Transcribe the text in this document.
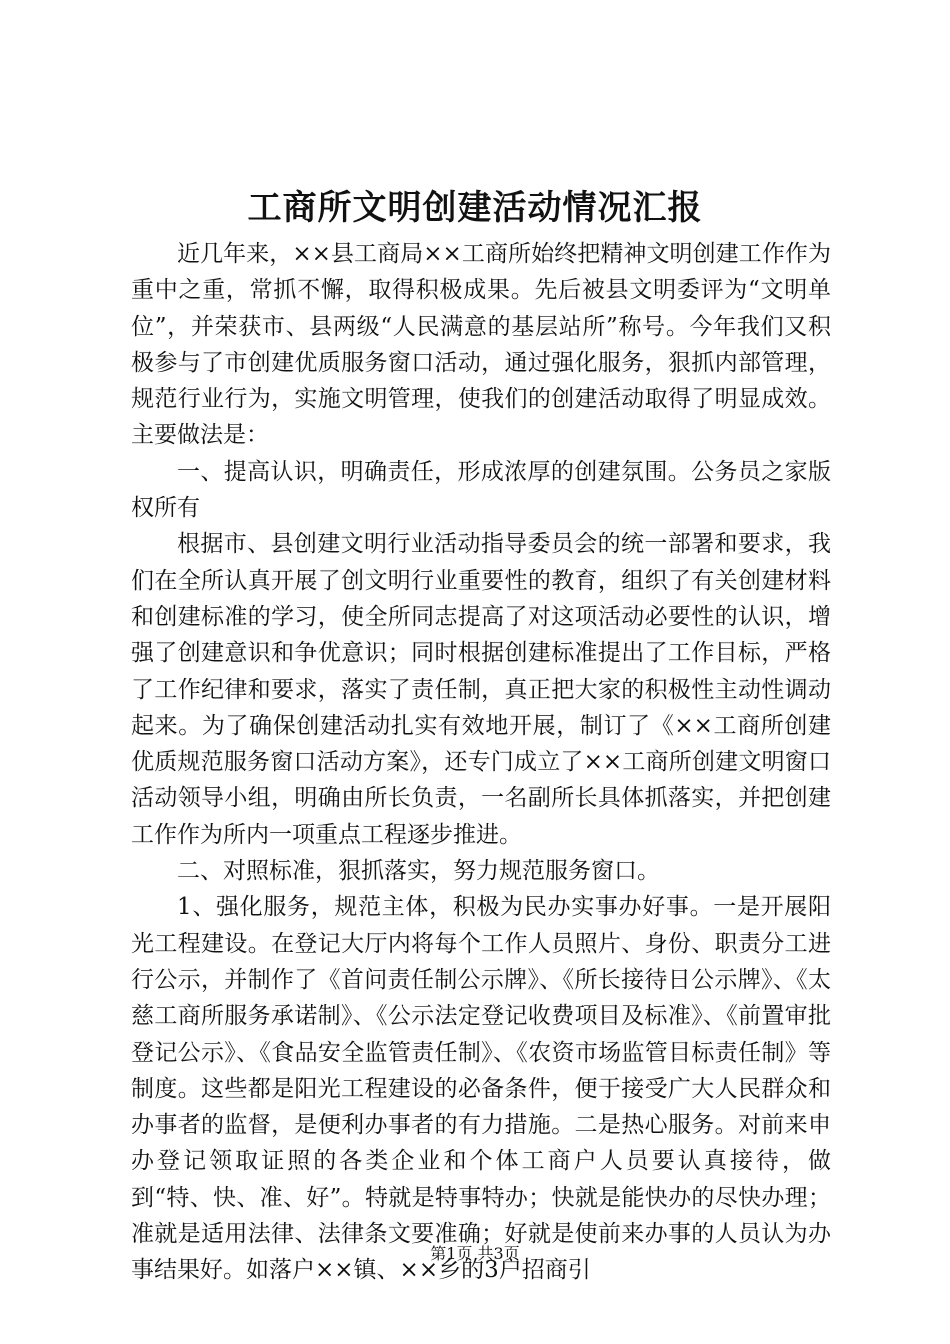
工商所文明创建活动情况汇报

近几年来，××县工商局××工商所始终把精神文明创建工作作为重中之重，常抓不懈，取得积极成果。先后被县文明委评为“文明单位”，并荣获市、县两级“人民满意的基层站所”称号。今年我们又积极参与了市创建优质服务窗口活动，通过强化服务，狠抓内部管理，规范行业行为，实施文明管理，使我们的创建活动取得了明显成效。主要做法是：

一、提高认识，明确责任，形成浓厚的创建氛围。公务员之家版权所有

根据市、县创建文明行业活动指导委员会的统一部署和要求，我们在全所认真开展了创文明行业重要性的教育，组织了有关创建材料和创建标准的学习，使全所同志提高了对这项活动必要性的认识，增强了创建意识和争优意识；同时根据创建标准提出了工作目标，严格了工作纪律和要求，落实了责任制，真正把大家的积极性主动性调动起来。为了确保创建活动扎实有效地开展，制订了《××工商所创建优质规范服务窗口活动方案》，还专门成立了××工商所创建文明窗口活动领导小组，明确由所长负责，一名副所长具体抓落实，并把创建工作作为所内一项重点工程逐步推进。

二、对照标准，狠抓落实，努力规范服务窗口。

1、强化服务，规范主体，积极为民办实事办好事。一是开展阳光工程建设。在登记大厅内将每个工作人员照片、身份、职责分工进行公示，并制作了《首问责任制公示牌》、《所长接待日公示牌》、《太慈工商所服务承诺制》、《公示法定登记收费项目及标准》、《前置审批登记公示》、《食品安全监管责任制》、《农资市场监管目标责任制》等制度。这些都是阳光工程建设的必备条件，便于接受广大人民群众和办事者的监督，是便利办事者的有力措施。二是热心服务。对前来申办登记领取证照的各类企业和个体工商户人员要认真接待，做到“特、快、准、好”。特就是特事特办；快就是能快办的尽快办理；准就是适用法律、法律条文要准确；好就是使前来办事的人员认为办事结果好。如落户××镇、××乡的3户招商引

第1页 共3页
